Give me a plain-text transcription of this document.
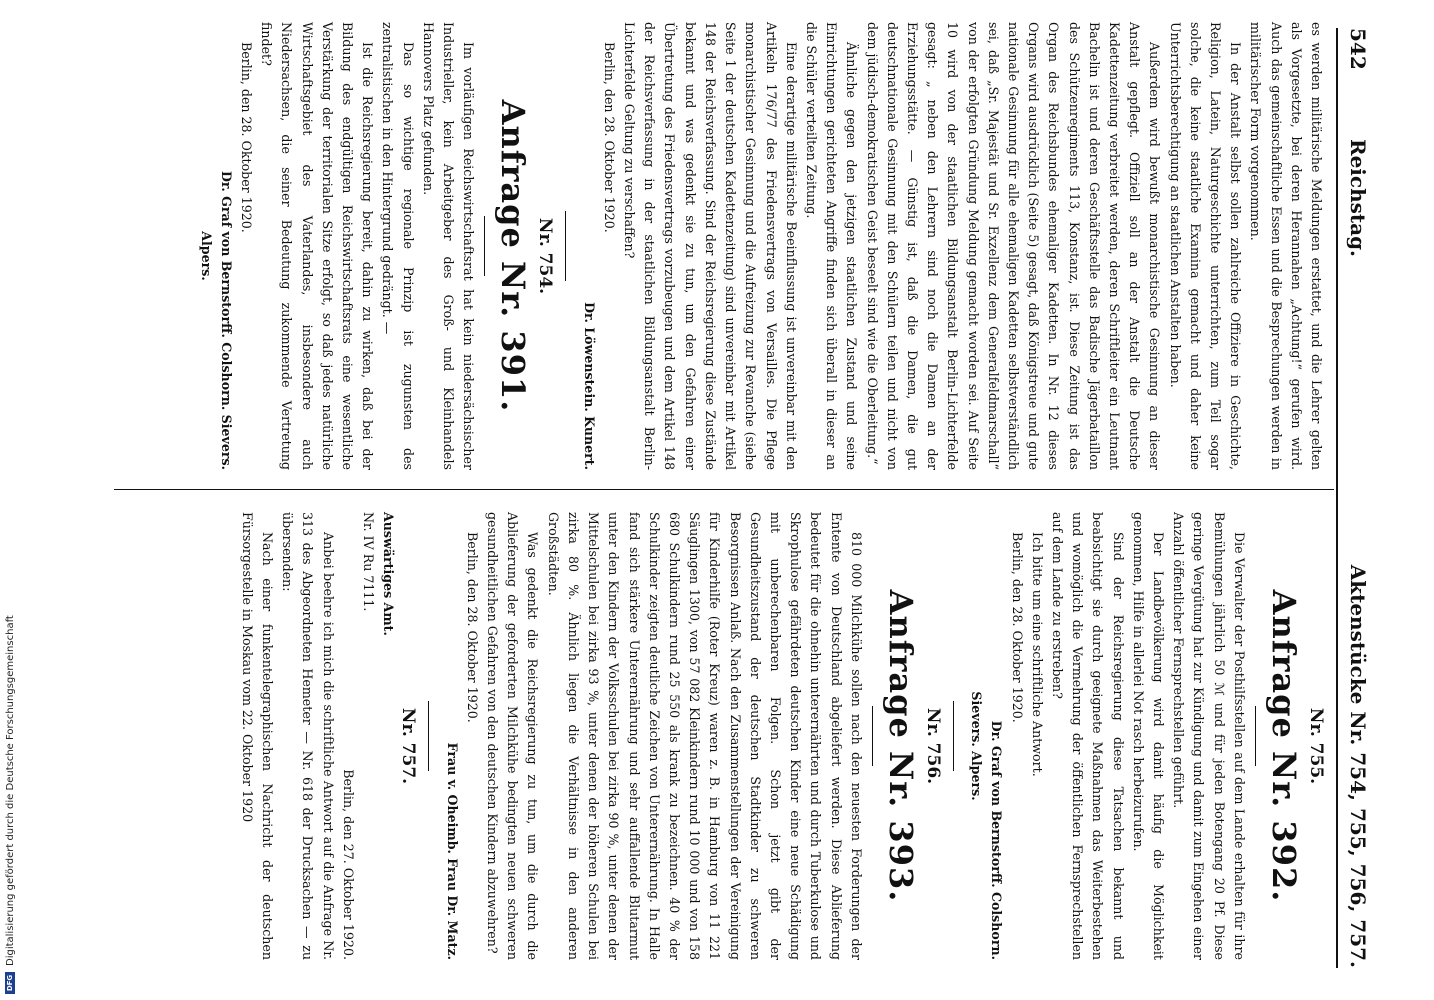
542
Reichstag.
Aktenstücke Nr. 754, 755, 756, 757.

es werden militärische Meldungen erstattet, und die Lehrer gelten als Vorgesetzte, bei deren Herannahen „Achtung!“ gerufen wird. Auch das gemeinschaftliche Essen und die Besprechungen werden in militärischer Form vorgenommen.

In der Anstalt selbst sollen zahlreiche Offiziere in Geschichte, Religion, Latein, Naturgeschichte unterrichten, zum Teil sogar solche, die keine staatliche Examina gemacht und daher keine Unterrichtsberechtigung an staatlichen Anstalten haben.

Außerdem wird bewußt monarchistische Gesinnung an dieser Anstalt gepflegt. Offiziell soll an der Anstalt die Deutsche Kadettenzeitung verbreitet werden, deren Schriftleiter ein Leutnant Bachelin ist und deren Geschäftsstelle das Badische Jägerbataillon des Schützenregiments 113, Konstanz, ist. Diese Zeitung ist das Organ des Reichsbundes ehemaliger Kadetten. In Nr. 12 dieses Organs wird ausdrücklich (Seite 5) gesagt, daß Königstreue und gute nationale Gesinnung für alle ehemaligen Kadetten selbstverständlich sei, daß „Sr. Majestät und Sr. Exzellenz dem Generalfeldmarschall“ von der erfolgten Gründung Meldung gemacht worden sei. Auf Seite 10 wird von der staatlichen Bildungsanstalt Berlin-Lichterfelde gesagt: „ neben den Lehrern sind noch die Damen an der Erziehungsstätte. — Günstig ist, daß die Damen, die gut deutschnationale Gesinnung mit den Schülern teilen und nicht von dem jüdisch-demokratischen Geist beseelt sind wie die Oberleitung.“

Ähnliche gegen den jetzigen staatlichen Zustand und seine Einrichtungen gerichteten Angriffe finden sich überall in dieser an die Schüler verteilten Zeitung.

Eine derartige militärische Beeinflussung ist unvereinbar mit den Artikeln 176/77 des Friedensvertrags von Versailles. Die Pflege monarchistischer Gesinnung und die Aufreizung zur Revanche (siehe Seite 1 der deutschen Kadettenzeitung) sind unvereinbar mit Artikel 148 der Reichsverfassung. Sind der Reichsregierung diese Zustände bekannt und was gedenkt sie zu tun, um den Gefahren einer Übertretung des Friedensvertrags vorzubeugen und dem Artikel 148 der Reichsverfassung in der staatlichen Bildungsanstalt Berlin-Lichterfelde Geltung zu verschaffen?

Berlin, den 28. Oktober 1920.

Dr. Löwenstein. Kunert.

Nr. 754.

Anfrage Nr. 391.

Im vorläufigen Reichswirtschaftsrat hat kein niedersächsischer Industrieller, kein Arbeitgeber des Groß- und Kleinhandels Hannovers Platz gefunden.

Das so wichtige regionale Prinzip ist zugunsten des zentralistischen in den Hintergrund gedrängt. —

Ist die Reichsregierung bereit, dahin zu wirken, daß bei der Bildung des endgültigen Reichswirtschaftsrats eine wesentliche Verstärkung der territorialen Sitze erfolgt, so daß jedes natürliche Wirtschaftsgebiet des Vaterlandes, insbesondere auch Niedersachsen, die seiner Bedeutung zukommende Vertretung findet?

Berlin, den 28. Oktober 1920.

Dr. Graf von Bernstorff. Colshorn. Sievers.

Alpers.

Nr. 755.

Anfrage Nr. 392.

Die Verwalter der Posthilfsstellen auf dem Lande erhalten für ihre Bemühungen jährlich 50 ℳ und für jeden Botengang 20 Pf. Diese geringe Vergütung hat zur Kündigung und damit zum Eingehen einer Anzahl öffentlicher Fernsprechstellen geführt.

Der Landbevölkerung wird damit häufig die Möglichkeit genommen, Hilfe in allerlei Not rasch herbeizurufen.

Sind der Reichsregierung diese Tatsachen bekannt und beabsichtigt sie durch geeignete Maßnahmen das Weiterbestehen und womöglich die Vermehrung der öffentlichen Fernsprechstellen auf dem Lande zu erstreben?

Ich bitte um eine schriftliche Antwort.

Berlin, den 28. Oktober 1920.

Dr. Graf von Bernstorff. Colshorn.

Sievers. Alpers.

Nr. 756.

Anfrage Nr. 393.

810 000 Milchkühe sollen nach den neuesten Forderungen der Entente von Deutschland abgeliefert werden. Diese Ablieferung bedeutet für die ohnehin unterernährten und durch Tuberkulose und Skrophulose gefährdeten deutschen Kinder eine neue Schädigung mit unberechenbaren Folgen. Schon jetzt gibt der Gesundheitszustand der deutschen Stadtkinder zu schweren Besorgnissen Anlaß. Nach den Zusammenstellungen der Vereinigung für Kinderhilfe (Roter Kreuz) waren z. B. in Hamburg von 11 221 Säuglingen 1300, von 57 082 Kleinkindern rund 10 000 und von 158 680 Schulkindern rund 25 550 als krank zu bezeichnen. 40 % der Schulkinder zeigten deutliche Zeichen von Unterernährung. In Halle fand sich stärkere Unterernährung und sehr auffallende Blutarmut unter den Kindern der Volksschulen bei zirka 90 %, unter denen der Mittelschulen bei zirka 93 %, unter denen der höheren Schulen bei zirka 80 %. Ähnlich liegen die Verhältnisse in den anderen Großstädten.

Was gedenkt die Reichsregierung zu tun, um die durch die Ablieferung der geforderten Milchkühe bedingten neuen schweren gesundheitlichen Gefahren von den deutschen Kindern abzuwehren?

Berlin, den 28. Oktober 1920.

Frau v. Oheimb. Frau Dr. Matz.

Nr. 757.

Auswärtiges Amt.

Nr. IV Ru 7111.

Berlin, den 27. Oktober 1920.

Anbei beehre ich mich die schriftliche Antwort auf die Anfrage Nr. 313 des Abgeordneten Hemeter — Nr. 618 der Drucksachen — zu übersenden:

Nach einer funkentelegraphischen Nachricht der deutschen Fürsorgestelle in Moskau vom 22. Oktober 1920

DFG
Digitalisierung gefördert durch die Deutsche Forschungsgemeinschaft
